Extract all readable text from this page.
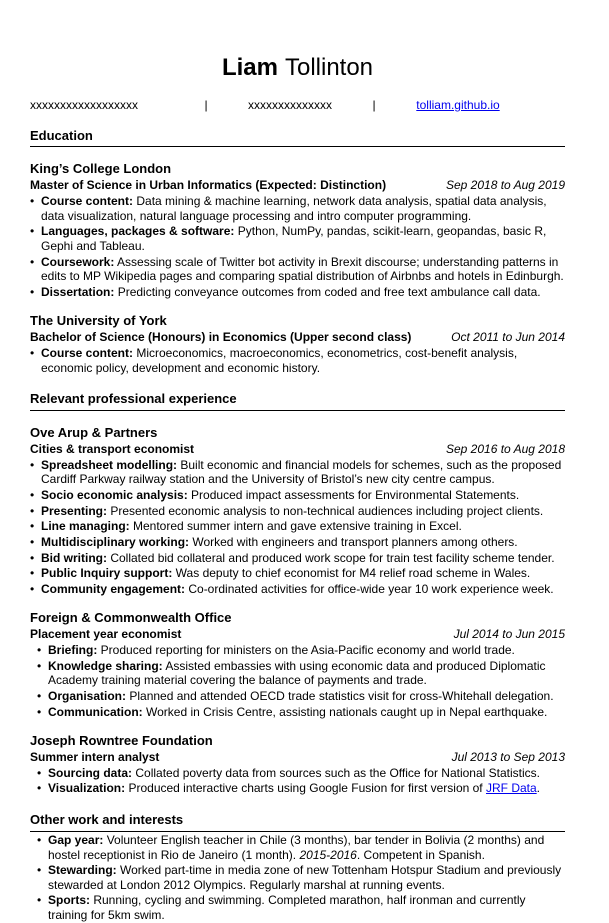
Liam Tollinton
xxxxxxxxxxxxxxxxxx	|	xxxxxxxxxxxxxx	|	tolliam.github.io
Education
King’s College London
Master of Science in Urban Informatics (Expected: Distinction)	Sep 2018 to Aug 2019
• Course content: Data mining & machine learning, network data analysis, spatial data analysis, data visualization, natural language processing and intro computer programming.
• Languages, packages & software: Python, NumPy, pandas, scikit-learn, geopandas, basic R, Gephi and Tableau.
• Coursework: Assessing scale of Twitter bot activity in Brexit discourse; understanding patterns in edits to MP Wikipedia pages and comparing spatial distribution of Airbnbs and hotels in Edinburgh.
• Dissertation: Predicting conveyance outcomes from coded and free text ambulance call data.
The University of York
Bachelor of Science (Honours) in Economics (Upper second class)	Oct 2011 to Jun 2014
• Course content: Microeconomics, macroeconomics, econometrics, cost-benefit analysis, economic policy, development and economic history.
Relevant professional experience
Ove Arup & Partners
Cities & transport economist	Sep 2016 to Aug 2018
• Spreadsheet modelling: Built economic and financial models for schemes, such as the proposed Cardiff Parkway railway station and the University of Bristol’s new city centre campus.
• Socio economic analysis: Produced impact assessments for Environmental Statements.
• Presenting: Presented economic analysis to non-technical audiences including project clients.
• Line managing: Mentored summer intern and gave extensive training in Excel.
• Multidisciplinary working: Worked with engineers and transport planners among others.
• Bid writing: Collated bid collateral and produced work scope for train test facility scheme tender.
• Public Inquiry support: Was deputy to chief economist for M4 relief road scheme in Wales.
• Community engagement: Co-ordinated activities for office-wide year 10 work experience week.
Foreign & Commonwealth Office
Placement year economist	Jul 2014 to Jun 2015
• Briefing: Produced reporting for ministers on the Asia-Pacific economy and world trade.
• Knowledge sharing: Assisted embassies with using economic data and produced Diplomatic Academy training material covering the balance of payments and trade.
• Organisation: Planned and attended OECD trade statistics visit for cross-Whitehall delegation.
• Communication: Worked in Crisis Centre, assisting nationals caught up in Nepal earthquake.
Joseph Rowntree Foundation
Summer intern analyst	Jul 2013 to Sep 2013
• Sourcing data: Collated poverty data from sources such as the Office for National Statistics.
• Visualization: Produced interactive charts using Google Fusion for first version of JRF Data.
Other work and interests
• Gap year: Volunteer English teacher in Chile (3 months), bar tender in Bolivia (2 months) and hostel receptionist in Rio de Janeiro (1 month). 2015-2016. Competent in Spanish.
• Stewarding: Worked part-time in media zone of new Tottenham Hotspur Stadium and previously stewarded at London 2012 Olympics. Regularly marshal at running events.
• Sports: Running, cycling and swimming. Completed marathon, half ironman and currently training for 5km swim.
